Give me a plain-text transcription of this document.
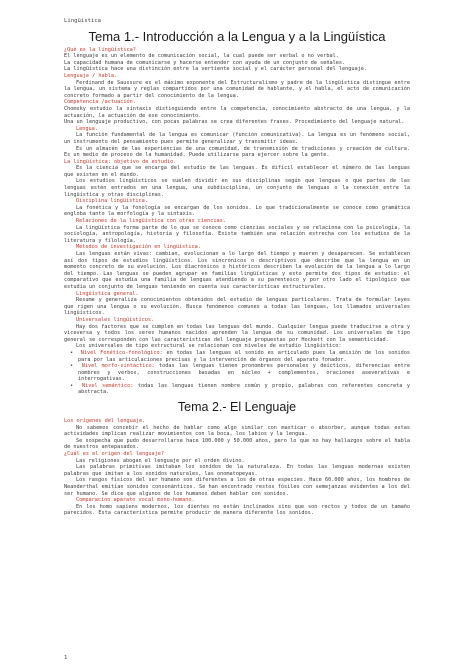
Lingüística
Tema 1.- Introducción a la Lengua y a la Lingüística

¿Qué es la lingüística?

El lenguaje es un elemento de comunicación social, la cual puede ser verbal o no verbal.

La capacidad humana de comunicarse y hacerse entender con ayuda de un conjunto de señales.

La lingüística hace una distinción entre la vertiente social y el carácter personal del lenguaje.

Lenguaje / habla.

Ferdinand de Saussure es el máximo exponente del Estructuralismo y padre de la lingüística distingue entre la lengua, un sistema y reglas compartidos por una comunidad de hablante, y el habla, el acto de comunicación concreto formado a partir del conocimiento de la lengua.

Competencia /actuación.

Chomsky estudio la sintaxis distinguiendo entre la competencia, conocimiento abstracto de una lengua, y la actuación, la actuación de ese conocimiento.

Una un lenguaje productivo, con pocas palabras se crea diferentes frases. Procedimiento del lenguaje natural.

Lengua.

La función fundamental de la lengua es comunicar (función comunicativa). La lengua es un fenómeno social, un instrumento del pensamiento pues permite generalizar y transmitir ideas.

Es un almacén de las experiencias de una comunidad, de transmisión de tradiciones y creación de cultura. Es un medio de proceso de la humanidad. Puede utilizarse para ejercer sobre la gente.

La lingüística: objetivo de estudio.

Es la ciencia que se encarga del estudio de las lenguas. Es difícil establecer el número de las lenguas que existen en el mundo.

Los estudios lingüísticos se suelen dividir en sus disciplinas según que lenguas o que partes de las lenguas estén entrados en una lengua, una subdisciplina, un conjunto de lenguas o la conexión entre la lingüística y otras disciplinas.

Disciplina lingüística.

La fonética y la fonología se encargan de los sonidos. Lo que tradicionalmente se conoce como gramática engloba tanto la morfología y la sintaxis.

Relaciones de la lingüística con otras ciencias.

La lingüística forma parte de lo que se conoce como ciencias sociales y se relaciona con la psicología, la sociología, antropología, historia y filosofía. Existe también una relación estrecha con los estudios de la literatura y filología.

Métodos de investigación en lingüística.

Las lenguas están vivas: cambian, evolucionan a lo largo del tiempo y mueren y desaparecen. Se establecen así dos tipos de estudios lingüísticos. Los sincrónicos o descriptivos que describe que la lengua en un momento concreto de su evolución. Los diacrónicos o históricos describen la evolución de la lengua a lo largo del tiempo. Las lenguas se pueden agrupar en familias lingüísticas y esto permite dos tipos de estudio: el comparativo que estudia una familia de lenguas atendiendo a su parentesco y por otro lado el tipológico que estudia un conjunto de lenguas teniendo en cuenta sus características estructurales.

Lingüística general.

Resume y generaliza conocimientos obtenidos del estudio de lenguas particulares. Trata de formular leyes que rigen una lengua o su evolución. Busca fenómenos comunes a todas las lenguas, los llamados universales lingüísticos.

Universales lingüísticos.

Hay dos factores que se cumplen en todas las lenguas del mundo. Cualquier lengua puede traducirse a otra y viceversa y todos los seres humanos nacidos aprenden la lengua de su comunidad. Los universales de tipo general se corresponden con las características del lenguaje propuestas por Hockett con la semanticidad.

Los universales de tipo estructural se relacionan con niveles de estudio lingüístico:

•  Nivel Fonético-fonológico: en todas las lenguas el sonido es articulado pues la emisión de los sonidos para por las articulaciones precisas y la intervención de órganos del aparato fonador.

•  Nivel morfo-sintáctico: todas las lenguas tienen pronombres personales y deícticos, diferencias entre nombres y verbos, construcciones basadas en núcleo + complementos, oraciones aseverativas e interrogativas.

•  Nivel semántico: todas las lenguas tienen nombre común y propio, palabras con referentes concreta y abstracta.

Tema 2.- El Lenguaje

Los orígenes del lenguaje.

No sabemos concebir el hecho de hablar como algo similar con masticar o absorber, aunque todas estas actividades implican realizar movimientos con la boca, los labios y la lengua.

Se sospecha que pudo desarrollarse hace 100.000 y 50.000 años, pero lo que no hay hallazgos sobre el habla de nuestros antepasados.

¿Cuál es el origen del lenguaje?

Las religiones abogan el lenguaje por el orden divino.

Las palabras primitivas imitaban los sonidos de la naturaleza. En todas las lenguas modernas existen palabras que imitan a los sonidos naturales, las onomatopeyas.

Los rasgos físicos del ser humano son diferentes a los de otras especies. Hace 60.000 años, los hombres de Neanderthal emitían sonidos consonánticos. Se han encontrado restos fósiles con semejanzas evidentes a los del ser humano. Se dice que algunos de los humanos deben hablar con sonidos.

Comparación aparato vocal mono-humano.

En los homo sapiens modernos, los dientes no están inclinados sino que son rectos y todos de un tamaño parecidos. Esta característica permite producir de manera diferente los sonidos.

1
